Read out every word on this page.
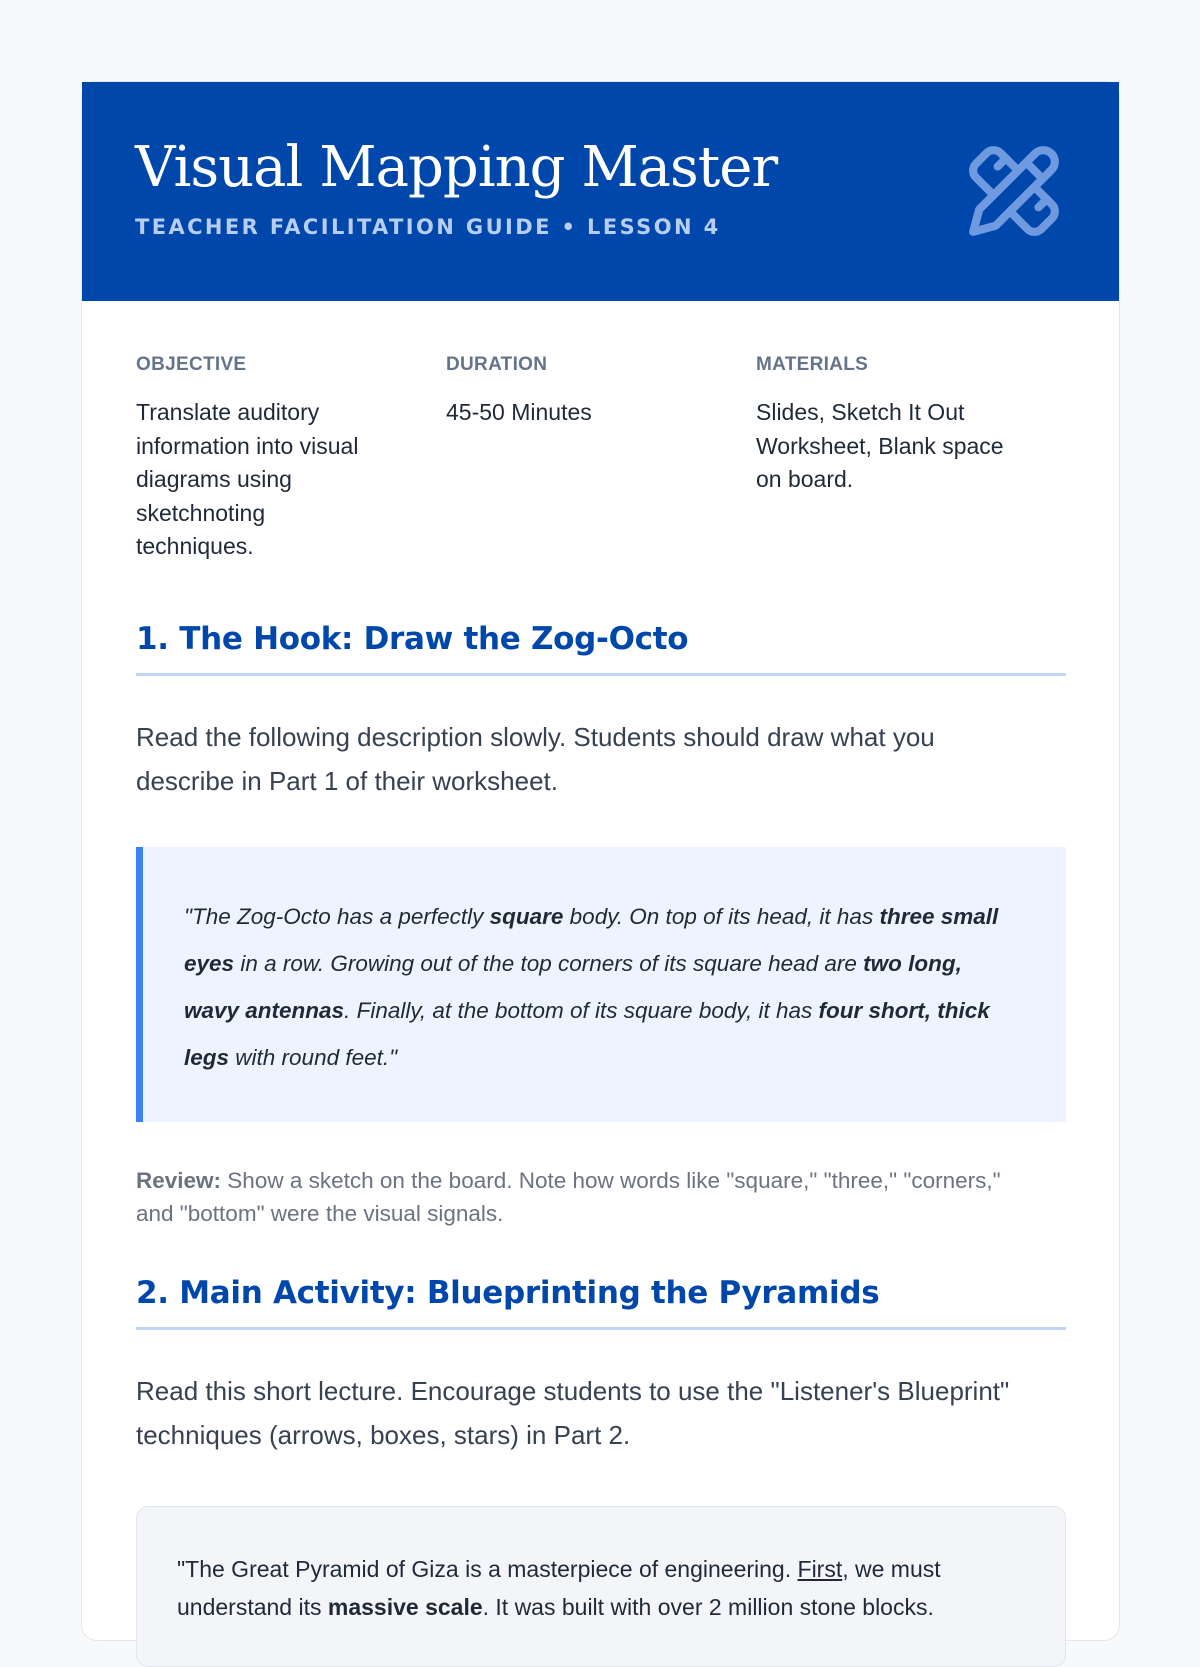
Visual Mapping Master
TEACHER FACILITATION GUIDE • LESSON 4
OBJECTIVE
Translate auditory information into visual diagrams using sketchnoting techniques.
DURATION
45-50 Minutes
MATERIALS
Slides, Sketch It Out Worksheet, Blank space on board.
1. The Hook: Draw the Zog-Octo

Read the following description slowly. Students should draw what you describe in Part 1 of their worksheet.

"The Zog-Octo has a perfectly square body. On top of its head, it has three small eyes in a row. Growing out of the top corners of its square head are two long, wavy antennas. Finally, at the bottom of its square body, it has four short, thick legs with round feet."

Review: Show a sketch on the board. Note how words like "square," "three," "corners," and "bottom" were the visual signals.

2. Main Activity: Blueprinting the Pyramids

Read this short lecture. Encourage students to use the "Listener's Blueprint" techniques (arrows, boxes, stars) in Part 2.

"The Great Pyramid of Giza is a masterpiece of engineering. First, we must understand its massive scale. It was built with over 2 million stone blocks.
